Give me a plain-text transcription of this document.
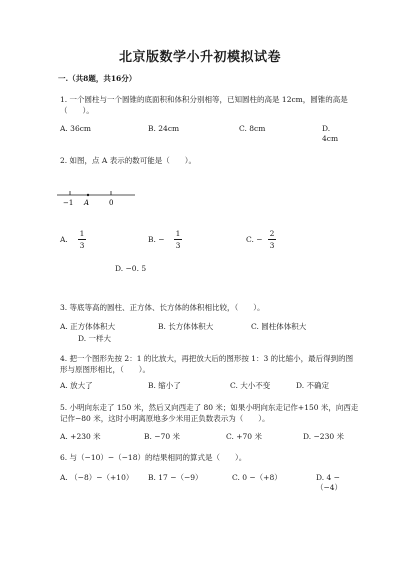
北京版数学小升初模拟试卷
一.（共8题，共16分）
1. 一个圆柱与一个圆锥的底面积和体积分别相等，已知圆柱的高是 12cm，圆锥的高是（　　）。
A. 36cm	B. 24cm	C. 8cm	D. 4cm
2. 如图，点 A 表示的数可能是（　　）。
−1 A	0
A.
1
3
B. −
1
3
C. −
2
3
D. −0. 5
3. 等底等高的圆柱、正方体、长方体的体积相比较，（　　）。
A. 正方体体积大	B. 长方体体积大	C. 圆柱体体积大
D. 一样大
4. 把一个图形先按 2：1 的比放大，再把放大后的图形按 1：3 的比缩小，最后得到的图形与原图形相比，（　　）。
A. 放大了	B. 缩小了	C. 大小不变	D. 不确定
5. 小明向东走了 150 米，然后又向西走了 80 米；如果小明向东走记作+150 米，向西走记作−80 米，这时小明离原地多少米用正负数表示为（　　）。
A. +230 米	B. −70 米	C. +70 米	D. −230 米
6. 与（−10）−（−18）的结果相同的算式是（　　）。
A. （−8）−（+10） B. 17 −（−9）	C. 0 −（+8）	D. 4 −（−4）
